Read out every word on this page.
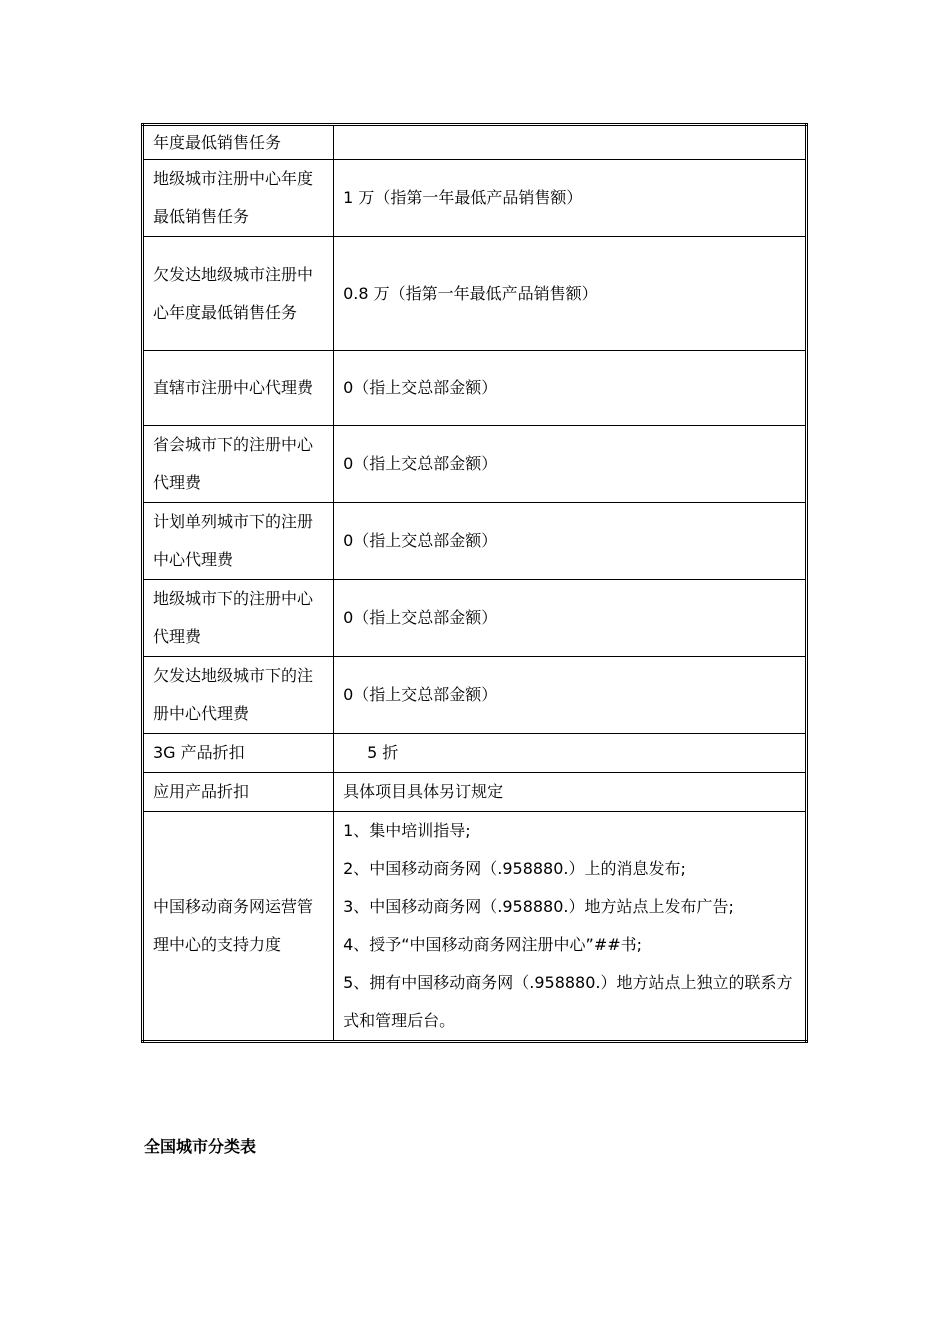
年度最低销售任务	
地级城市注册中心年度最低销售任务	1 万（指第一年最低产品销售额）
欠发达地级城市注册中心年度最低销售任务	0.8 万（指第一年最低产品销售额）
直辖市注册中心代理费	0（指上交总部金额）
省会城市下的注册中心代理费	0（指上交总部金额）
计划单列城市下的注册中心代理费	0（指上交总部金额）
地级城市下的注册中心代理费	0（指上交总部金额）
欠发达地级城市下的注册中心代理费	0（指上交总部金额）
3G 产品折扣	5 折
应用产品折扣	具体项目具体另订规定
中国移动商务网运营管理中心的支持力度	1、集中培训指导;
2、中国移动商务网（.958880.）上的消息发布;
3、中国移动商务网（.958880.）地方站点上发布广告;
4、授予“中国移动商务网注册中心”##书;
5、拥有中国移动商务网（.958880.）地方站点上独立的联系方式和管理后台。
全国城市分类表
